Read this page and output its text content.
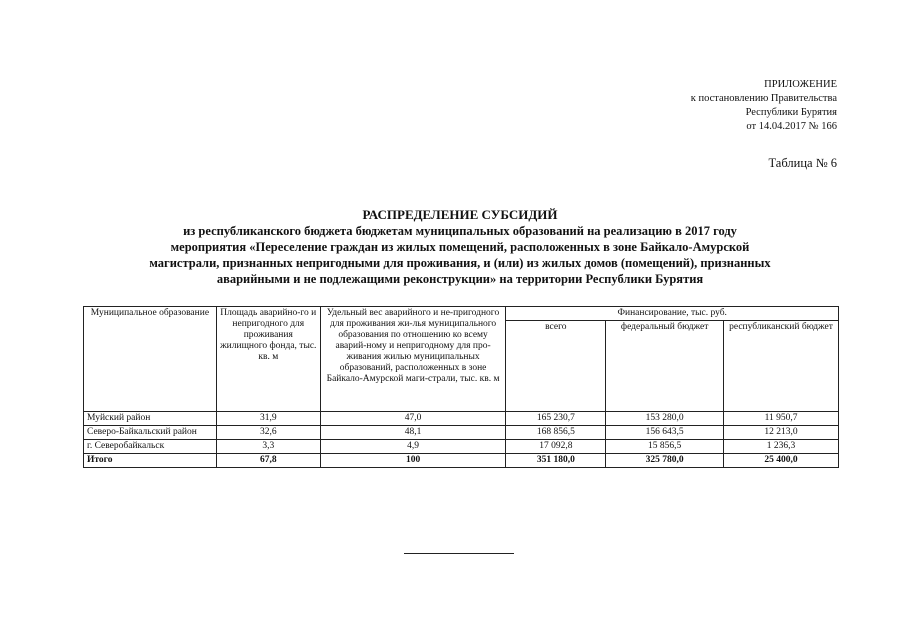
ПРИЛОЖЕНИЕ
к постановлению Правительства
Республики Бурятия
от 14.04.2017 № 166
Таблица № 6
РАСПРЕДЕЛЕНИЕ СУБСИДИЙ
из республиканского бюджета бюджетам муниципальных образований на реализацию в 2017 году
мероприятия «Переселение граждан из жилых помещений, расположенных в зоне Байкало-Амурской
магистрали, признанных непригодными для проживания, и (или) из жилых домов (помещений), признанных
аварийными и не подлежащими реконструкции» на территории Республики Бурятия
Муниципальное образование	Площадь аварийно-го и непригодного для проживания жилищного фонда, тыс. кв. м	Удельный вес аварийного и не-пригодного для проживания жи-лья муниципального образования по отношению ко всему аварий-ному и непригодному для про-живания жилью муниципальных образований, расположенных в зоне Байкало-Амурской маги-страли, тыс. кв. м	Финансирование, тыс. руб.		
			всего	федеральный бюджет	республиканский бюджет
Муйский район	31,9	47,0	165 230,7	153 280,0	11 950,7
Северо-Байкальский район	32,6	48,1	168 856,5	156 643,5	12 213,0
г. Северобайкальск	3,3	4,9	17 092,8	15 856,5	1 236,3
Итого	67,8	100	351 180,0	325 780,0	25 400,0
